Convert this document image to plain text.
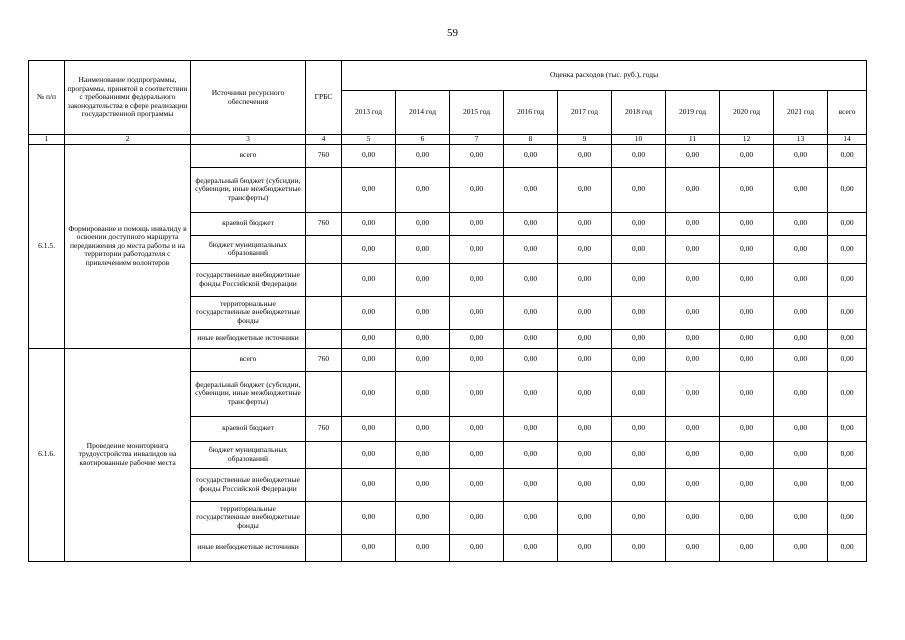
59
№ п/п	Наименование подпрограммы, программы, принятой в соответствии с требованиями федерального законодательства в сфере реализации государственной программы	Источники ресурсного обеспечения	ГРБС	Оценка расходов (тыс. руб.), годы									
				2013 год	2014 год	2015 год	2016 год	2017 год	2018 год	2019 год	2020 год	2021 год	всего
1	2	3	4	5	6	7	8	9	10	11	12	13	14
6.1.5.	Формирование и помощь инвалиду в освоении доступного маршрута передвижения до места работы и на территории работодателя с привлечением волонтеров	всего	760	0,00	0,00	0,00	0,00	0,00	0,00	0,00	0,00	0,00	0,00
		федеральный бюджет (субсидии, субвенции, иные межбюджетные трансферты)		0,00	0,00	0,00	0,00	0,00	0,00	0,00	0,00	0,00	0,00
		краевой бюджет	760	0,00	0,00	0,00	0,00	0,00	0,00	0,00	0,00	0,00	0,00
		бюджет муниципальных образований		0,00	0,00	0,00	0,00	0,00	0,00	0,00	0,00	0,00	0,00
		государственные внебюджетные фонды Российской Федерации		0,00	0,00	0,00	0,00	0,00	0,00	0,00	0,00	0,00	0,00
		территориальные государственные внебюджетные фонды		0,00	0,00	0,00	0,00	0,00	0,00	0,00	0,00	0,00	0,00
		иные внебюджетные источники		0,00	0,00	0,00	0,00	0,00	0,00	0,00	0,00	0,00	0,00
6.1.6.	Проведение мониторинга трудоустройства инвалидов на квотированные рабочие места	всего	760	0,00	0,00	0,00	0,00	0,00	0,00	0,00	0,00	0,00	0,00
		федеральный бюджет (субсидии, субвенции, иные межбюджетные трансферты)		0,00	0,00	0,00	0,00	0,00	0,00	0,00	0,00	0,00	0,00
		краевой бюджет	760	0,00	0,00	0,00	0,00	0,00	0,00	0,00	0,00	0,00	0,00
		бюджет муниципальных образований		0,00	0,00	0,00	0,00	0,00	0,00	0,00	0,00	0,00	0,00
		государственные внебюджетные фонды Российской Федерации		0,00	0,00	0,00	0,00	0,00	0,00	0,00	0,00	0,00	0,00
		территориальные государственные внебюджетные фонды		0,00	0,00	0,00	0,00	0,00	0,00	0,00	0,00	0,00	0,00
		иные внебюджетные источники		0,00	0,00	0,00	0,00	0,00	0,00	0,00	0,00	0,00	0,00
